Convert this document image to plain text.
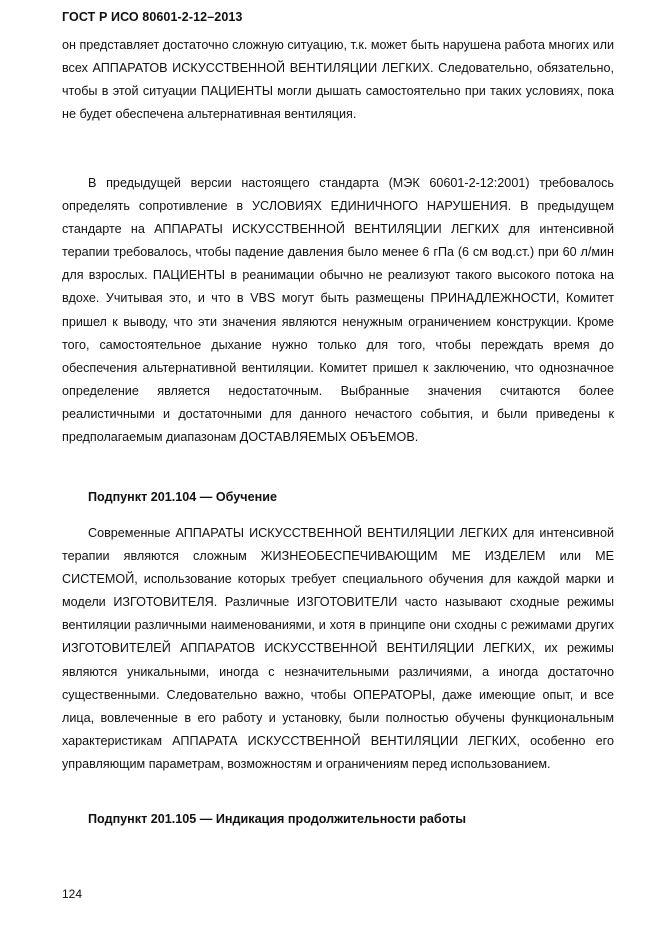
ГОСТ Р ИСО 80601-2-12–2013

он представляет достаточно сложную ситуацию, т.к. может быть нарушена работа многих или всех АППАРАТОВ ИСКУССТВЕННОЙ ВЕНТИЛЯЦИИ ЛЕГКИХ. Следовательно, обязательно, чтобы в этой ситуации ПАЦИЕНТЫ могли дышать самостоятельно при таких условиях, пока не будет обеспечена альтернативная вентиляция.

В предыдущей версии настоящего стандарта (МЭК 60601-2-12:2001) требовалось определять сопротивление в УСЛОВИЯХ ЕДИНИЧНОГО НАРУШЕНИЯ. В предыдущем стандарте на АППАРАТЫ ИСКУССТВЕННОЙ ВЕНТИЛЯЦИИ ЛЕГКИХ для интенсивной терапии требовалось, чтобы падение давления было менее 6 гПа (6 см вод.ст.) при 60 л/мин для взрослых. ПАЦИЕНТЫ в реанимации обычно не реализуют такого высокого потока на вдохе. Учитывая это, и что в VBS могут быть размещены ПРИНАДЛЕЖНОСТИ, Комитет пришел к выводу, что эти значения являются ненужным ограничением конструкции. Кроме того, самостоятельное дыхание нужно только для того, чтобы переждать время до обеспечения альтернативной вентиляции. Комитет пришел к заключению, что однозначное определение является недостаточным. Выбранные значения считаются более реалистичными и достаточными для данного нечастого события, и были приведены к предполагаемым диапазонам ДОСТАВЛЯЕМЫХ ОБЪЕМОВ.

Подпункт 201.104 — Обучение

Современные АППАРАТЫ ИСКУССТВЕННОЙ ВЕНТИЛЯЦИИ ЛЕГКИХ для интенсивной терапии являются сложным ЖИЗНЕОБЕСПЕЧИВАЮЩИМ МЕ ИЗДЕЛЕМ или МЕ СИСТЕМОЙ, использование которых требует специального обучения для каждой марки и модели ИЗГОТОВИТЕЛЯ. Различные ИЗГОТОВИТЕЛИ часто называют сходные режимы вентиляции различными наименованиями, и хотя в принципе они сходны с режимами других ИЗГОТОВИТЕЛЕЙ АППАРАТОВ ИСКУССТВЕННОЙ ВЕНТИЛЯЦИИ ЛЕГКИХ, их режимы являются уникальными, иногда с незначительными различиями, а иногда достаточно существенными. Следовательно важно, чтобы ОПЕРАТОРЫ, даже имеющие опыт, и все лица, вовлеченные в его работу и установку, были полностью обучены функциональным характеристикам АППАРАТА ИСКУССТВЕННОЙ ВЕНТИЛЯЦИИ ЛЕГКИХ, особенно его управляющим параметрам, возможностям и ограничениям перед использованием.

Подпункт 201.105 — Индикация продолжительности работы

124
